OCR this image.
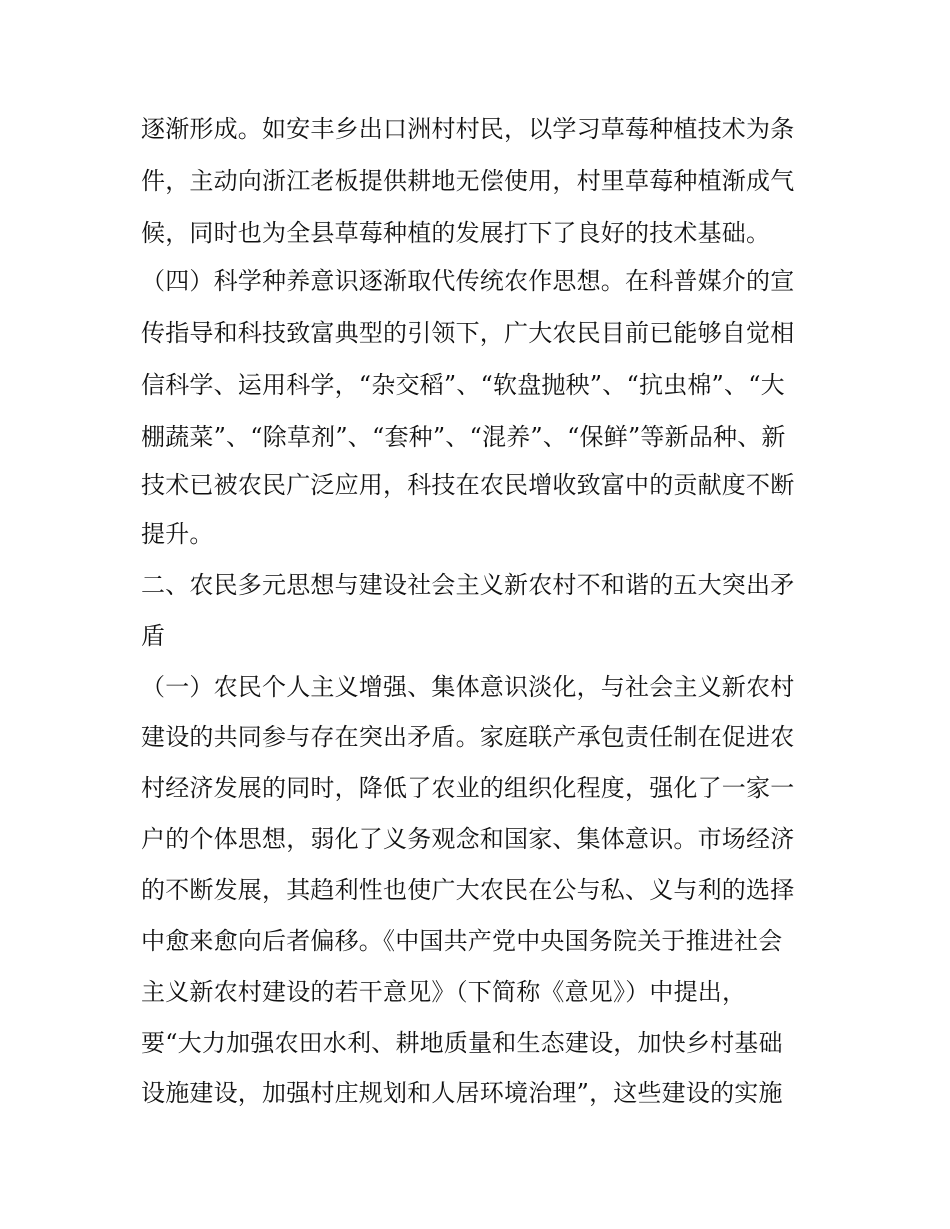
逐渐形成。如安丰乡出口洲村村民，以学习草莓种植技术为条

件，主动向浙江老板提供耕地无偿使用，村里草莓种植渐成气

候，同时也为全县草莓种植的发展打下了良好的技术基础。

（四）科学种养意识逐渐取代传统农作思想。在科普媒介的宣

传指导和科技致富典型的引领下，广大农民目前已能够自觉相

信科学、运用科学，“杂交稻”、“软盘抛秧”、“抗虫棉”、“大

棚蔬菜”、“除草剂”、“套种”、“混养”、“保鲜”等新品种、新

技术已被农民广泛应用，科技在农民增收致富中的贡献度不断

提升。

二、农民多元思想与建设社会主义新农村不和谐的五大突出矛

盾

（一）农民个人主义增强、集体意识淡化，与社会主义新农村

建设的共同参与存在突出矛盾。家庭联产承包责任制在促进农

村经济发展的同时，降低了农业的组织化程度，强化了一家一

户的个体思想，弱化了义务观念和国家、集体意识。市场经济

的不断发展，其趋利性也使广大农民在公与私、义与利的选择

中愈来愈向后者偏移。《中国共产党中央国务院关于推进社会

主义新农村建设的若干意见》（下简称《意见》）中提出，

要“大力加强农田水利、耕地质量和生态建设，加快乡村基础

设施建设，加强村庄规划和人居环境治理”，这些建设的实施
